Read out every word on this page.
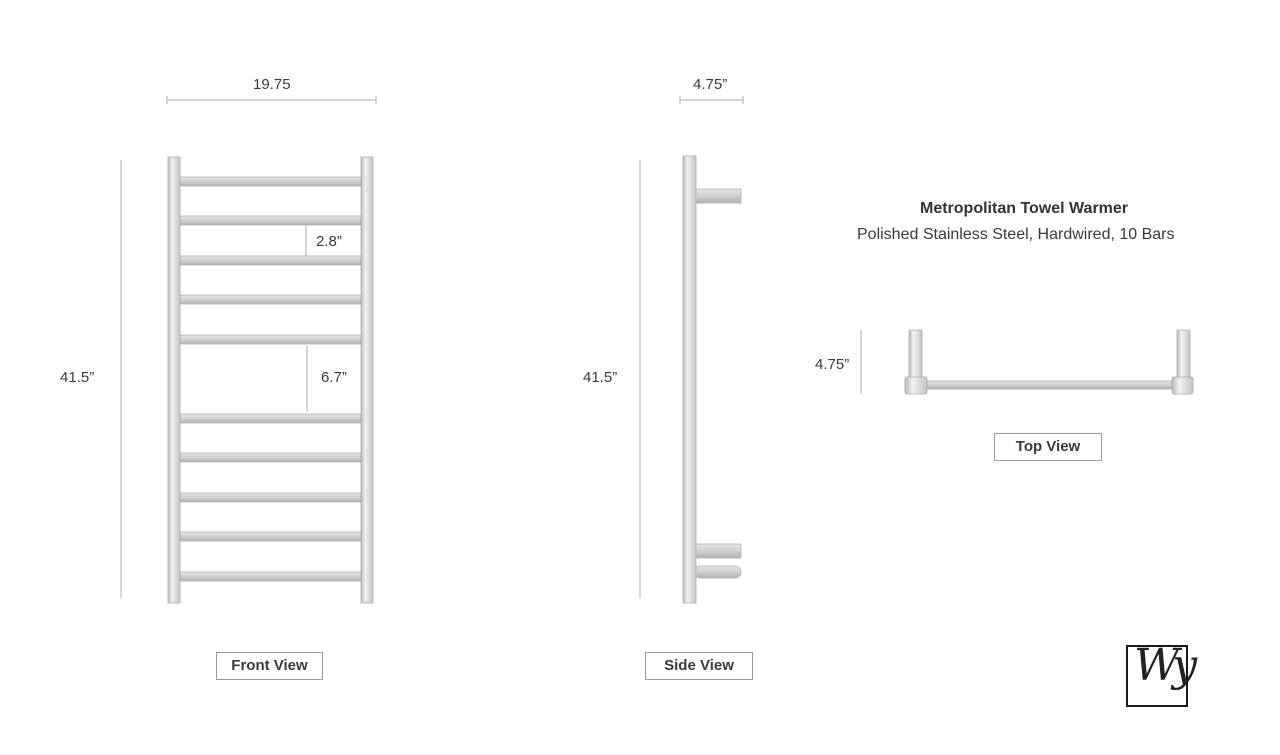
19.75
41.5”
2.8”
6.7”
Front View
4.75”
41.5”
Side View
Metropolitan Towel Warmer
Polished Stainless Steel, Hardwired, 10 Bars
4.75”
Top View
Wy
